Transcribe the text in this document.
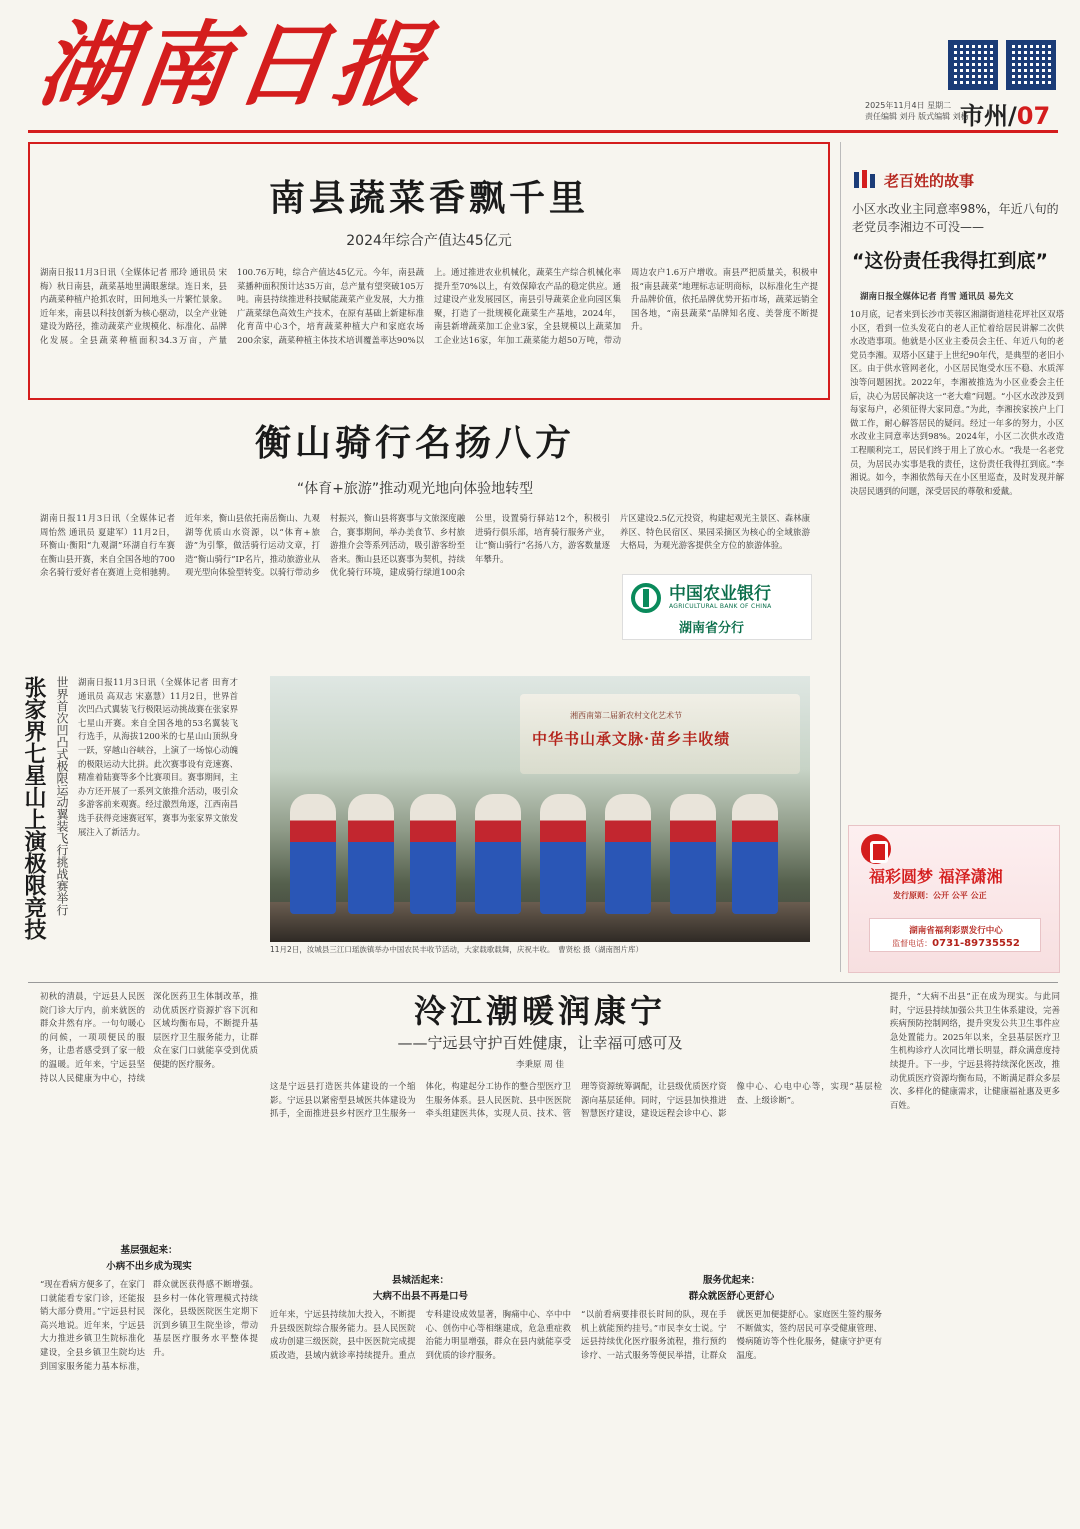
湖南日报	2025年11月4日 星期二
责任编辑 刘丹 版式编辑 刘杨
市州/07
南县蔬菜香飘千里
2024年综合产值达45亿元
湖南日报11月3日讯（全媒体记者 邢玲 通讯员 宋梅）秋日南县，蔬菜基地里满眼葱绿。连日来，县内蔬菜种植户抢抓农时，田间地头一片繁忙景象。近年来，南县以科技创新为核心驱动，以全产业链建设为路径，推动蔬菜产业规模化、标准化、品牌化发展。全县蔬菜种植面积34.3万亩，产量100.76万吨，综合产值达45亿元。今年，南县蔬菜播种面积预计达35万亩，总产量有望突破105万吨。南县持续推进科技赋能蔬菜产业发展，大力推广蔬菜绿色高效生产技术，在原有基础上新建标准化育苗中心3个，培育蔬菜种植大户和家庭农场200余家，蔬菜种植主体技术培训覆盖率达90%以上。通过推进农业机械化，蔬菜生产综合机械化率提升至70%以上，有效保障农产品的稳定供应。通过建设产业发展园区，南县引导蔬菜企业向园区集聚，打造了一批规模化蔬菜生产基地，2024年，南县新增蔬菜加工企业3家，全县规模以上蔬菜加工企业达16家，年加工蔬菜能力超50万吨，带动周边农户1.6万户增收。南县严把质量关，积极申报“南县蔬菜”地理标志证明商标，以标准化生产提升品牌价值，依托品牌优势开拓市场，蔬菜远销全国各地，“南县蔬菜”品牌知名度、美誉度不断提升。
衡山骑行名扬八方
“体育+旅游”推动观光地向体验地转型
湖南日报11月3日讯（全媒体记者 周怡然 通讯员 夏建军）11月2日，环衡山·衡阳“九观湖”环湖自行车赛在衡山县开赛，来自全国各地的700余名骑行爱好者在赛道上竞相驰骋。近年来，衡山县依托南岳衡山、九观湖等优质山水资源，以“体育+旅游”为引擎，做活骑行运动文章，打造“衡山骑行”IP名片，推动旅游业从观光型向体验型转变。以骑行带动乡村振兴，衡山县将赛事与文旅深度融合，赛事期间，举办美食节、乡村旅游推介会等系列活动，吸引游客纷至沓来。衡山县还以赛事为契机，持续优化骑行环境，建成骑行绿道100余公里，设置骑行驿站12个，积极引进骑行俱乐部，培育骑行服务产业，让“衡山骑行”名扬八方，游客数量逐年攀升。
片区建设2.5亿元投资，构建起观光主景区、森林康养区、特色民宿区、果园采摘区为核心的全域旅游大格局，为观光游客提供全方位的旅游体验。
中国农业银行
AGRICULTURAL BANK OF CHINA
湖南省分行
张家界七星山上演极限竞技 世界首次凹凸式极限运动翼装飞行挑战赛举行 湖南日报11月3日讯（全媒体记者 田育才 通讯员 高双志 宋嘉慧）11月2日，世界首次凹凸式翼装飞行极限运动挑战赛在张家界七星山开赛。来自全国各地的53名翼装飞行选手，从海拔1200米的七星山山顶纵身一跃，穿越山谷峡谷，上演了一场惊心动魄的极限运动大比拼。此次赛事设有竞速赛、精准着陆赛等多个比赛项目。赛事期间，主办方还开展了一系列文旅推介活动，吸引众多游客前来观赛。经过激烈角逐，江西南昌选手获得竞速赛冠军，赛事为张家界文旅发展注入了新活力。
湘西南第二届新农村文化艺术节
中华书山承文脉·苗乡丰收绩
11月2日，汝城县三江口瑶族镇举办中国农民丰收节活动，大家载歌载舞，庆祝丰收。　 曹贤松 摄（湖南图片库）
老百姓的故事
小区水改业主同意率98%，年近八旬的老党员李湘边不可没——
“这份责任我得扛到底”
湖南日报全媒体记者 肖雪 通讯员 易先文
10月底，记者来到长沙市芙蓉区湘湖街道桂花坪社区双塔小区，看到一位头发花白的老人正忙着给居民讲解二次供水改造事项。他就是小区业主委员会主任、年近八旬的老党员李湘。双塔小区建于上世纪90年代，是典型的老旧小区。由于供水管网老化，小区居民饱受水压不稳、水质浑浊等问题困扰。2022年，李湘被推选为小区业委会主任后，决心为居民解决这一“老大难”问题。“小区水改涉及到每家每户，必须征得大家同意。”为此，李湘挨家挨户上门做工作，耐心解答居民的疑问。经过一年多的努力，小区水改业主同意率达到98%。2024年，小区二次供水改造工程顺利完工，居民们终于用上了放心水。“我是一名老党员，为居民办实事是我的责任，这份责任我得扛到底。”李湘说。如今，李湘依然每天在小区里巡查，及时发现并解决居民遇到的问题，深受居民的尊敬和爱戴。
福彩圆梦 福泽潇湘
发行原则：公开 公平 公正
湖南省福利彩票发行中心
监督电话：0731-89735552
泠江潮暖润康宁
——宁远县守护百姓健康，让幸福可感可及
李秉原 周 佳
初秋的清晨，宁远县人民医院门诊大厅内，前来就医的群众井然有序。一句句暖心的问候，一项项便民的服务，让患者感受到了家一般的温暖。近年来，宁远县坚持以人民健康为中心，持续深化医药卫生体制改革，推动优质医疗资源扩容下沉和区域均衡布局，不断提升基层医疗卫生服务能力，让群众在家门口就能享受到优质便捷的医疗服务。
基层强起来：
小病不出乡成为现实
“现在看病方便多了，在家门口就能看专家门诊，还能报销大部分费用。”宁远县村民高兴地说。近年来，宁远县大力推进乡镇卫生院标准化建设，全县乡镇卫生院均达到国家服务能力基本标准，群众就医获得感不断增强。县乡村一体化管理模式持续深化，县级医院医生定期下沉到乡镇卫生院坐诊，带动基层医疗服务水平整体提升。
这是宁远县打造医共体建设的一个缩影。宁远县以紧密型县域医共体建设为抓手，全面推进县乡村医疗卫生服务一体化，构建起分工协作的整合型医疗卫生服务体系。县人民医院、县中医医院牵头组建医共体，实现人员、技术、管理等资源统筹调配，让县级优质医疗资源向基层延伸。同时，宁远县加快推进智慧医疗建设，建设远程会诊中心、影像中心、心电中心等，实现“基层检查、上级诊断”。
县城活起来：
大病不出县不再是口号
近年来，宁远县持续加大投入，不断提升县级医院综合服务能力。县人民医院成功创建三级医院，县中医医院完成提质改造，县域内就诊率持续提升。重点专科建设成效显著，胸痛中心、卒中中心、创伤中心等相继建成，危急重症救治能力明显增强，群众在县内就能享受到优质的诊疗服务。
服务优起来：
群众就医舒心更舒心
“以前看病要排很长时间的队，现在手机上就能预约挂号。”市民李女士说。宁远县持续优化医疗服务流程，推行预约诊疗、一站式服务等便民举措，让群众就医更加便捷舒心。家庭医生签约服务不断做实，签约居民可享受健康管理、慢病随访等个性化服务，健康守护更有温度。
提升，“大病不出县”正在成为现实。与此同时，宁远县持续加强公共卫生体系建设，完善疾病预防控制网络，提升突发公共卫生事件应急处置能力。2025年以来，全县基层医疗卫生机构诊疗人次同比增长明显，群众满意度持续提升。下一步，宁远县将持续深化医改，推动优质医疗资源均衡布局，不断满足群众多层次、多样化的健康需求，让健康福祉惠及更多百姓。
